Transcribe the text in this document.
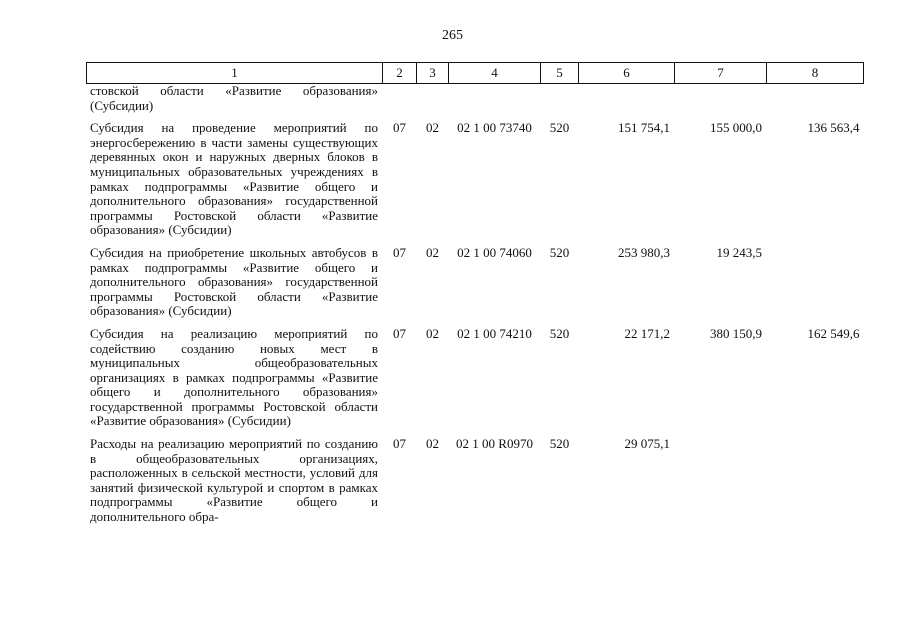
265
1	2	3	4	5	6	7	8
стовской области «Развитие образования» (Субсидии)							
Субсидия на проведение мероприятий по энергосбережению в части замены существующих деревянных окон и наружных дверных блоков в муниципальных образовательных учреждениях в рамках подпрограммы «Развитие общего и дополнительного образования» государственной программы Ростовской области «Развитие образования» (Субсидии)	07	02	02 1 00 73740	520	151 754,1	155 000,0	136 563,4
Субсидия на приобретение школьных автобусов в рамках подпрограммы «Развитие общего и дополнительного образования» государственной программы Ростовской области «Развитие образования» (Субсидии)	07	02	02 1 00 74060	520	253 980,3	19 243,5	
Субсидия на реализацию мероприятий по содействию созданию новых мест в муниципальных общеобразовательных организациях в рамках подпрограммы «Развитие общего и дополнительного образования» государственной программы Ростовской области «Развитие образования» (Субсидии)	07	02	02 1 00 74210	520	22 171,2	380 150,9	162 549,6
Расходы на реализацию мероприятий по созданию в общеобразовательных организациях, расположенных в сельской местности, условий для занятий физической культурой и спортом в рамках подпрограммы «Развитие общего и дополнительного обра-	07	02	02 1 00 R0970	520	29 075,1		
